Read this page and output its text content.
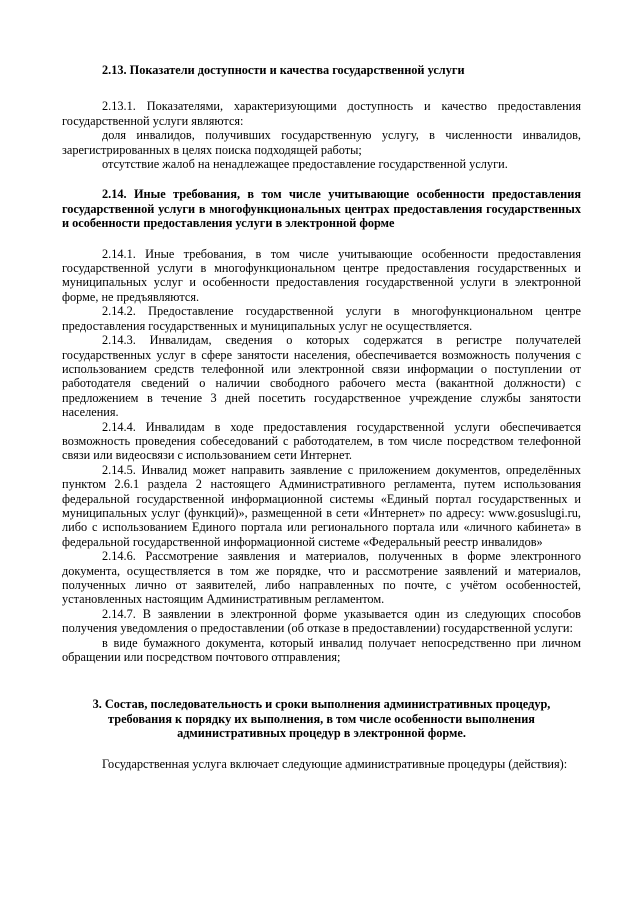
2.13. Показатели доступности и качества государственной услуги

2.13.1. Показателями, характеризующими доступность и качество предоставления государственной услуги являются:

доля инвалидов, получивших государственную услугу, в численности инвалидов, зарегистрированных в целях поиска подходящей работы;

отсутствие жалоб на ненадлежащее предоставление государственной услуги.

2.14. Иные требования, в том числе учитывающие особенности предоставления государственной услуги в многофункциональных центрах предоставления государственных и особенности предоставления услуги в электронной форме

2.14.1. Иные требования, в том числе учитывающие особенности предоставления государственной услуги в многофункциональном центре предоставления государственных и муниципальных услуг и особенности предоставления государственной услуги в электронной форме, не предъявляются.

2.14.2. Предоставление государственной услуги в многофункциональном центре предоставления государственных и муниципальных услуг не осуществляется.

2.14.3. Инвалидам, сведения о которых содержатся в регистре получателей государственных услуг в сфере занятости населения, обеспечивается возможность получения с использованием средств телефонной или электронной связи информации о поступлении от работодателя сведений о наличии свободного рабочего места (вакантной должности) с предложением в течение 3 дней посетить государственное учреждение службы занятости населения.

2.14.4. Инвалидам в ходе предоставления государственной услуги обеспечивается возможность проведения собеседований с работодателем, в том числе посредством телефонной связи или видеосвязи с использованием сети Интернет.

2.14.5. Инвалид может направить заявление с приложением документов, определённых пунктом 2.6.1 раздела 2 настоящего Административного регламента, путем использования федеральной государственной информационной системы «Единый портал государственных и муниципальных услуг (функций)», размещенной в сети «Интернет» по адресу: www.gosuslugi.ru, либо с использованием Единого портала или регионального портала или «личного кабинета» в федеральной государственной информационной системе «Федеральный реестр инвалидов»

2.14.6. Рассмотрение заявления и материалов, полученных в форме электронного документа, осуществляется в том же порядке, что и рассмотрение заявлений и материалов, полученных лично от заявителей, либо направленных по почте, с учётом особенностей, установленных настоящим Административным регламентом.

2.14.7. В заявлении в электронной форме указывается один из следующих способов получения уведомления о предоставлении (об отказе в предоставлении) государственной услуги:

в виде бумажного документа, который инвалид получает непосредственно при личном обращении или посредством почтового отправления;

3. Состав, последовательность и сроки выполнения административных процедур, требования к порядку их выполнения, в том числе особенности выполнения административных процедур в электронной форме.

Государственная услуга включает следующие административные процедуры (действия):
